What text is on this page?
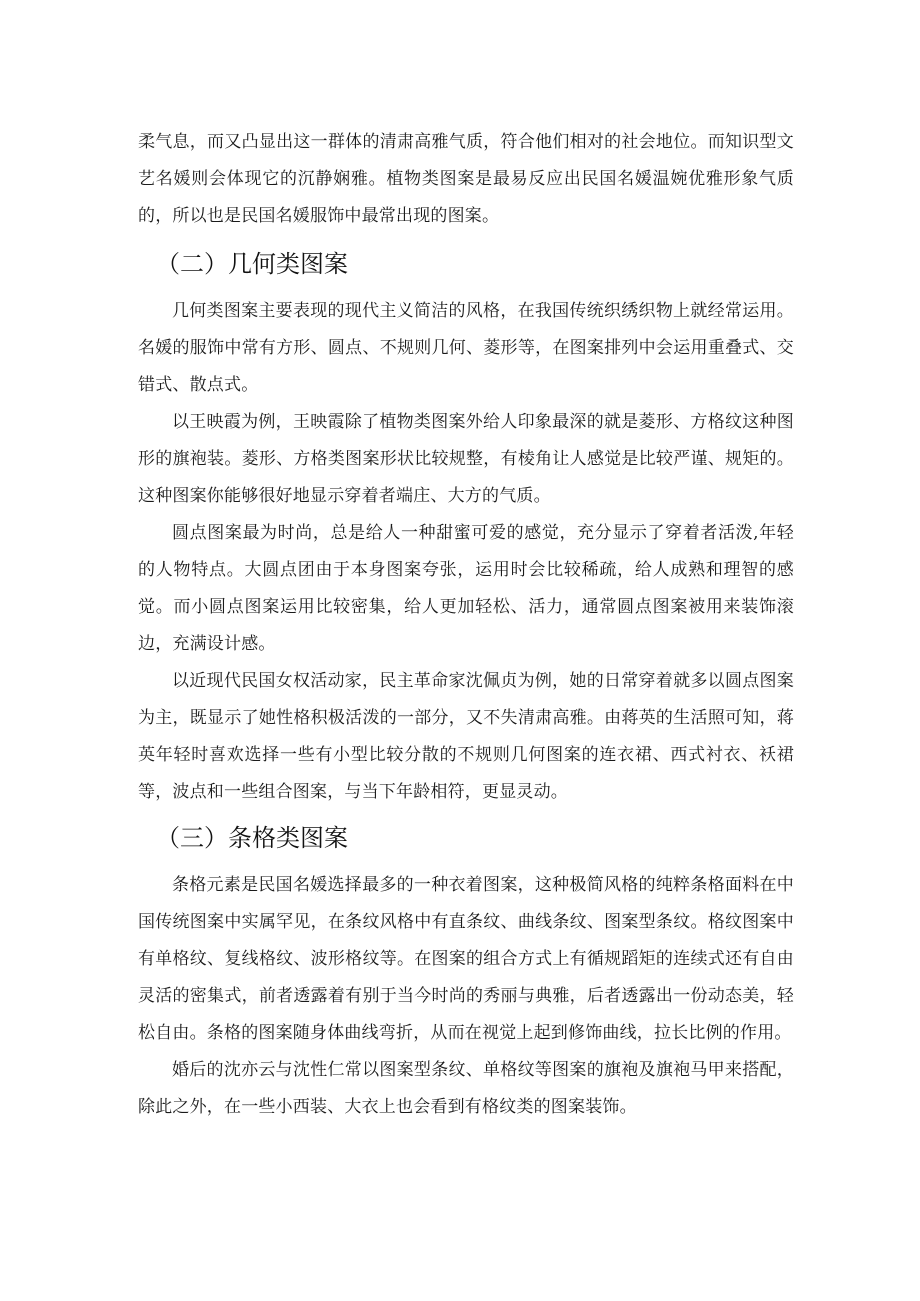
柔气息，而又凸显出这一群体的清肃高雅气质，符合他们相对的社会地位。而知识型文艺名媛则会体现它的沉静娴雅。植物类图案是最易反应出民国名媛温婉优雅形象气质的，所以也是民国名媛服饰中最常出现的图案。

（二）几何类图案

几何类图案主要表现的现代主义简洁的风格，在我国传统织绣织物上就经常运用。名媛的服饰中常有方形、圆点、不规则几何、菱形等，在图案排列中会运用重叠式、交错式、散点式。

以王映霞为例，王映霞除了植物类图案外给人印象最深的就是菱形、方格纹这种图形的旗袍装。菱形、方格类图案形状比较规整，有棱角让人感觉是比较严谨、规矩的。这种图案你能够很好地显示穿着者端庄、大方的气质。

圆点图案最为时尚，总是给人一种甜蜜可爱的感觉，充分显示了穿着者活泼,年轻的人物特点。大圆点团由于本身图案夸张，运用时会比较稀疏，给人成熟和理智的感觉。而小圆点图案运用比较密集，给人更加轻松、活力，通常圆点图案被用来装饰滚边，充满设计感。

以近现代民国女权活动家，民主革命家沈佩贞为例，她的日常穿着就多以圆点图案为主，既显示了她性格积极活泼的一部分，又不失清肃高雅。由蒋英的生活照可知，蒋英年轻时喜欢选择一些有小型比较分散的不规则几何图案的连衣裙、西式衬衣、袄裙等，波点和一些组合图案，与当下年龄相符，更显灵动。

（三）条格类图案

条格元素是民国名媛选择最多的一种衣着图案，这种极简风格的纯粹条格面料在中国传统图案中实属罕见，在条纹风格中有直条纹、曲线条纹、图案型条纹。格纹图案中有单格纹、复线格纹、波形格纹等。在图案的组合方式上有循规蹈矩的连续式还有自由灵活的密集式，前者透露着有别于当今时尚的秀丽与典雅，后者透露出一份动态美，轻松自由。条格的图案随身体曲线弯折，从而在视觉上起到修饰曲线，拉长比例的作用。

婚后的沈亦云与沈性仁常以图案型条纹、单格纹等图案的旗袍及旗袍马甲来搭配，除此之外，在一些小西装、大衣上也会看到有格纹类的图案装饰。
